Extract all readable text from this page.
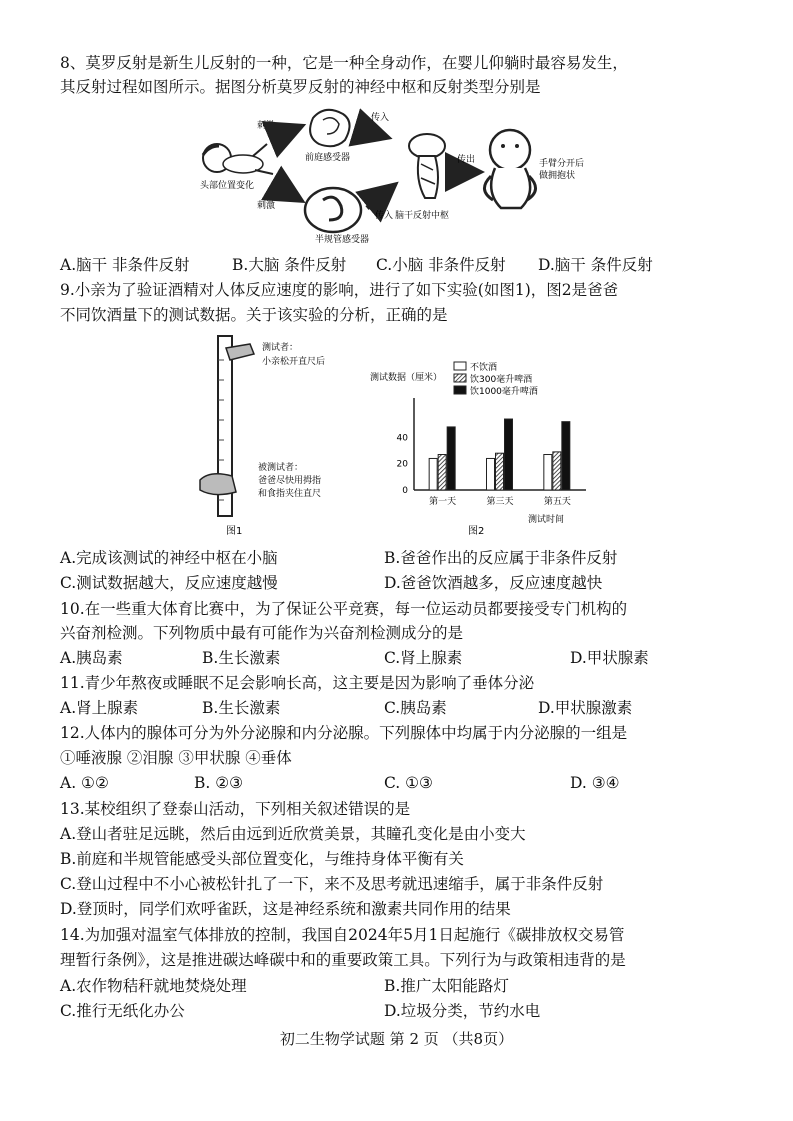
8、莫罗反射是新生儿反射的一种，它是一种全身动作，在婴儿仰躺时最容易发生，
其反射过程如图所示。据图分析莫罗反射的神经中枢和反射类型分别是
头部位置变化
刺激
刺激
前庭感受器
半规管感受器
传入
传入 脑干反射中枢
传出	手臂分开后
做拥抱状
A.脑干 非条件反射	B.大脑 条件反射 C.小脑 非条件反射 D.脑干 条件反射
9.小亲为了验证酒精对人体反应速度的影响，进行了如下实验(如图1)，图2是爸爸
不同饮酒量下的测试数据。关于该实验的分析，正确的是
测试者：
小亲松开直尺后
被测试者：
爸爸尽快用拇指
和食指夹住直尺
图1
测试数据（厘米）
0
20
40
第一天	第三天	第五天
不饮酒
饮300毫升啤酒
饮1000毫升啤酒
测试时间
图2
A.完成该测试的神经中枢在小脑	B.爸爸作出的反应属于非条件反射
C.测试数据越大，反应速度越慢	D.爸爸饮酒越多，反应速度越快
10.在一些重大体育比赛中，为了保证公平竞赛，每一位运动员都要接受专门机构的
兴奋剂检测。下列物质中最有可能作为兴奋剂检测成分的是
A.胰岛素	B.生长激素	C.肾上腺素	D.甲状腺素
11.青少年熬夜或睡眠不足会影响长高，这主要是因为影响了垂体分泌
A.肾上腺素	B.生长激素	C.胰岛素	D.甲状腺激素
12.人体内的腺体可分为外分泌腺和内分泌腺。下列腺体中均属于内分泌腺的一组是
①唾液腺 ②泪腺 ③甲状腺 ④垂体
A. ①②	B. ②③	C. ①③	D. ③④
13.某校组织了登泰山活动，下列相关叙述错误的是
A.登山者驻足远眺，然后由远到近欣赏美景，其瞳孔变化是由小变大
B.前庭和半规管能感受头部位置变化，与维持身体平衡有关
C.登山过程中不小心被松针扎了一下，来不及思考就迅速缩手，属于非条件反射
D.登顶时，同学们欢呼雀跃，这是神经系统和激素共同作用的结果
14.为加强对温室气体排放的控制，我国自2024年5月1日起施行《碳排放权交易管
理暂行条例》，这是推进碳达峰碳中和的重要政策工具。下列行为与政策相违背的是
A.农作物秸秆就地焚烧处理	B.推广太阳能路灯
C.推行无纸化办公	D.垃圾分类，节约水电
初二生物学试题 第 2 页 （共8页）
